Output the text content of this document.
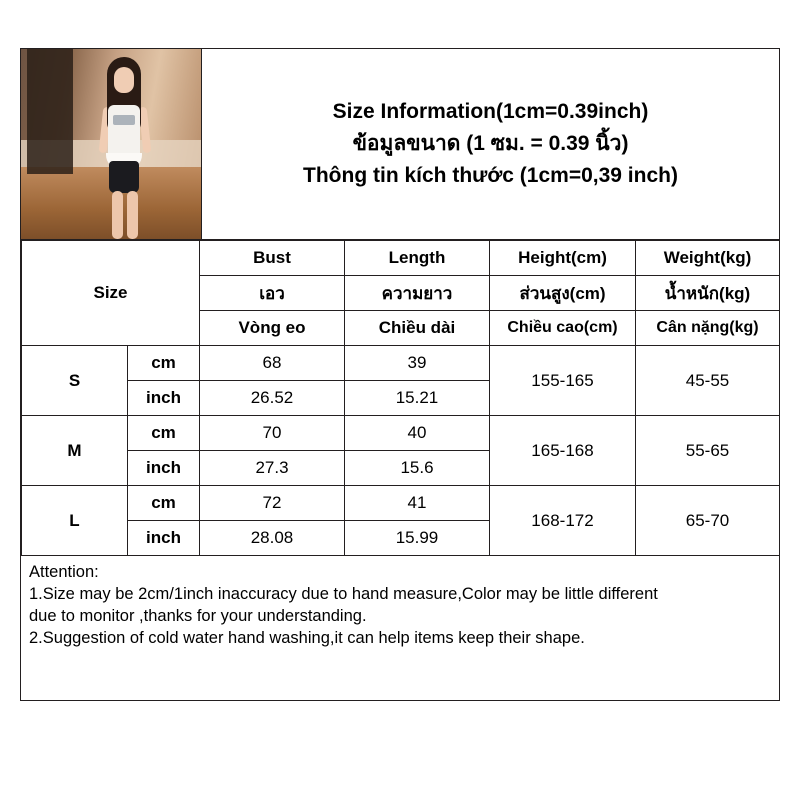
Size Information(1cm=0.39inch)
ข้อมูลขนาด (1 ซม. = 0.39 นิ้ว)
Thông tin kích thước (1cm=0,39 inch)
Size		Bust	Length	Height(cm)	Weight(kg)
		เอว	ความยาว	ส่วนสูง(cm)	น้ำหนัก(kg)
		Vòng eo	Chiều dài	Chiều cao(cm)	Cân nặng(kg)
S	cm	68	39	155-165	45-55
	inch	26.52	15.21		
M	cm	70	40	165-168	55-65
	inch	27.3	15.6		
L	cm	72	41	168-172	65-70
	inch	28.08	15.99		

Attention:

1.Size may be 2cm/1inch inaccuracy due to hand measure,Color may be little different

due to monitor ,thanks for your understanding.

2.Suggestion of cold water hand washing,it can help items keep their shape.
